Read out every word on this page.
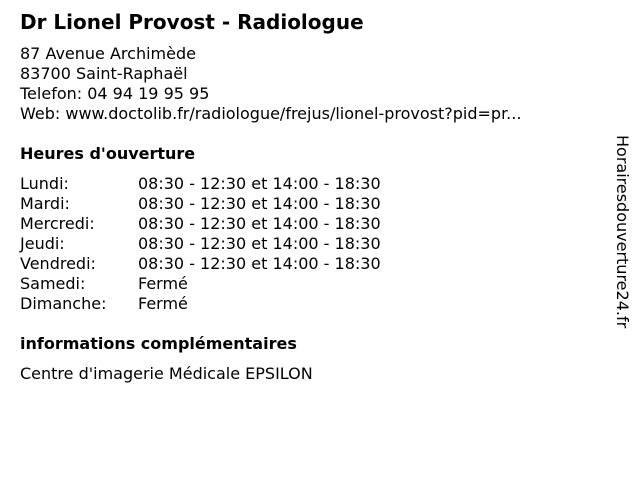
Dr Lionel Provost - Radiologue
87 Avenue Archimède
83700 Saint-Raphaël
Telefon: 04 94 19 95 95
Web: www.doctolib.fr/radiologue/frejus/lionel-provost?pid=pr...
Heures d'ouverture
Lundi:	08:30 - 12:30 et 14:00 - 18:30
Mardi:	08:30 - 12:30 et 14:00 - 18:30
Mercredi:	08:30 - 12:30 et 14:00 - 18:30
Jeudi:	08:30 - 12:30 et 14:00 - 18:30
Vendredi:	08:30 - 12:30 et 14:00 - 18:30
Samedi:	Fermé
Dimanche:	Fermé
informations complémentaires
Centre d'imagerie Médicale EPSILON
Horairesdouverture24.fr
